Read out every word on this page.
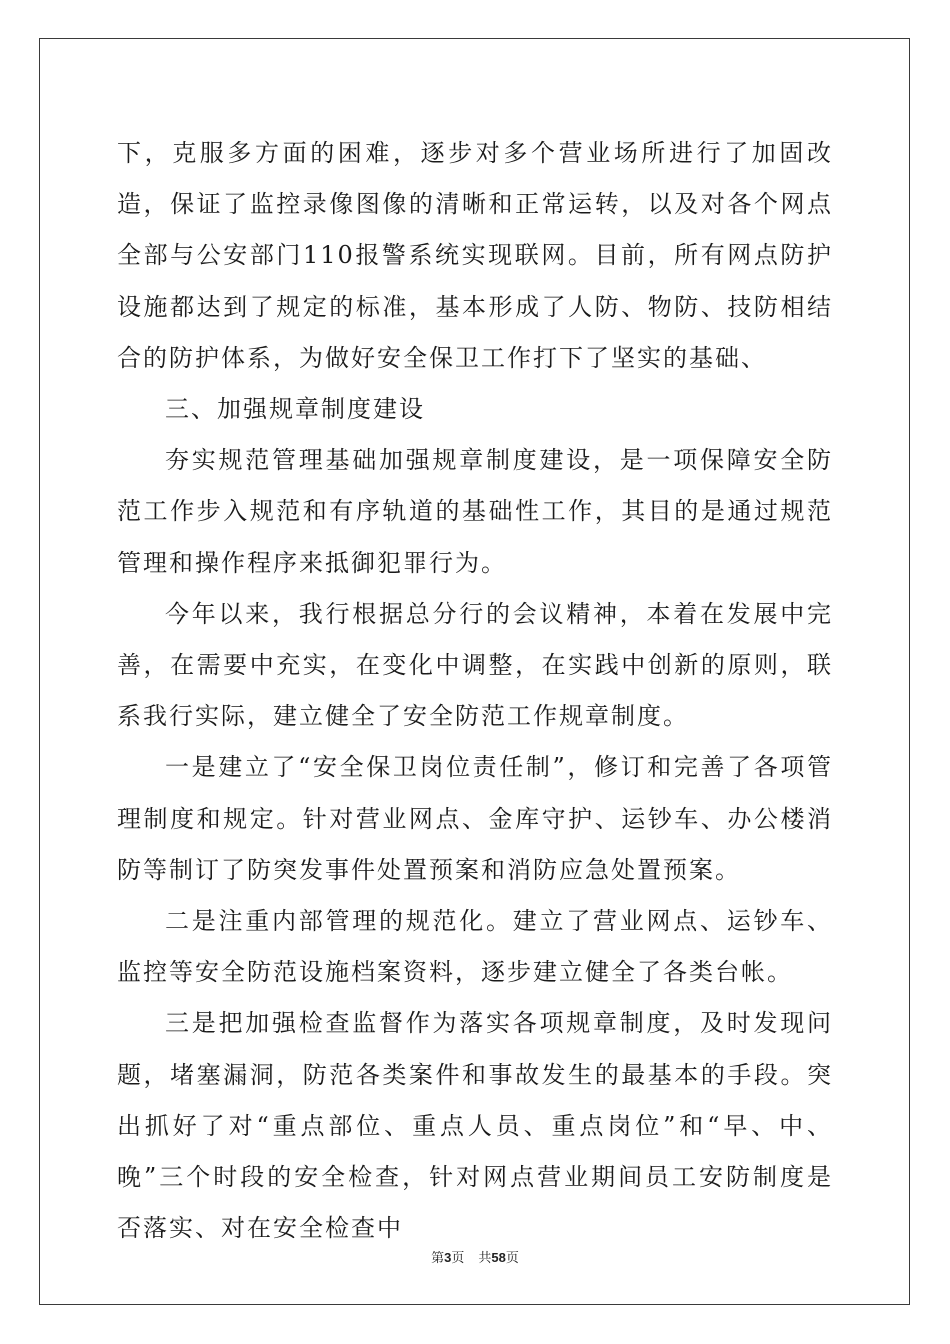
下，克服多方面的困难，逐步对多个营业场所进行了加固改造，保证了监控录像图像的清晰和正常运转，以及对各个网点全部与公安部门110报警系统实现联网。目前，所有网点防护设施都达到了规定的标准，基本形成了人防、物防、技防相结合的防护体系，为做好安全保卫工作打下了坚实的基础、

三、加强规章制度建设

夯实规范管理基础加强规章制度建设，是一项保障安全防范工作步入规范和有序轨道的基础性工作，其目的是通过规范管理和操作程序来抵御犯罪行为。

今年以来，我行根据总分行的会议精神，本着在发展中完善，在需要中充实，在变化中调整，在实践中创新的原则，联系我行实际，建立健全了安全防范工作规章制度。

一是建立了“安全保卫岗位责任制”，修订和完善了各项管理制度和规定。针对营业网点、金库守护、运钞车、办公楼消防等制订了防突发事件处置预案和消防应急处置预案。

二是注重内部管理的规范化。建立了营业网点、运钞车、监控等安全防范设施档案资料，逐步建立健全了各类台帐。

三是把加强检查监督作为落实各项规章制度，及时发现问题，堵塞漏洞，防范各类案件和事故发生的最基本的手段。突出抓好了对“重点部位、重点人员、重点岗位”和“早、中、晚”三个时段的安全检查，针对网点营业期间员工安防制度是否落实、对在安全检查中

第3页 共58页
